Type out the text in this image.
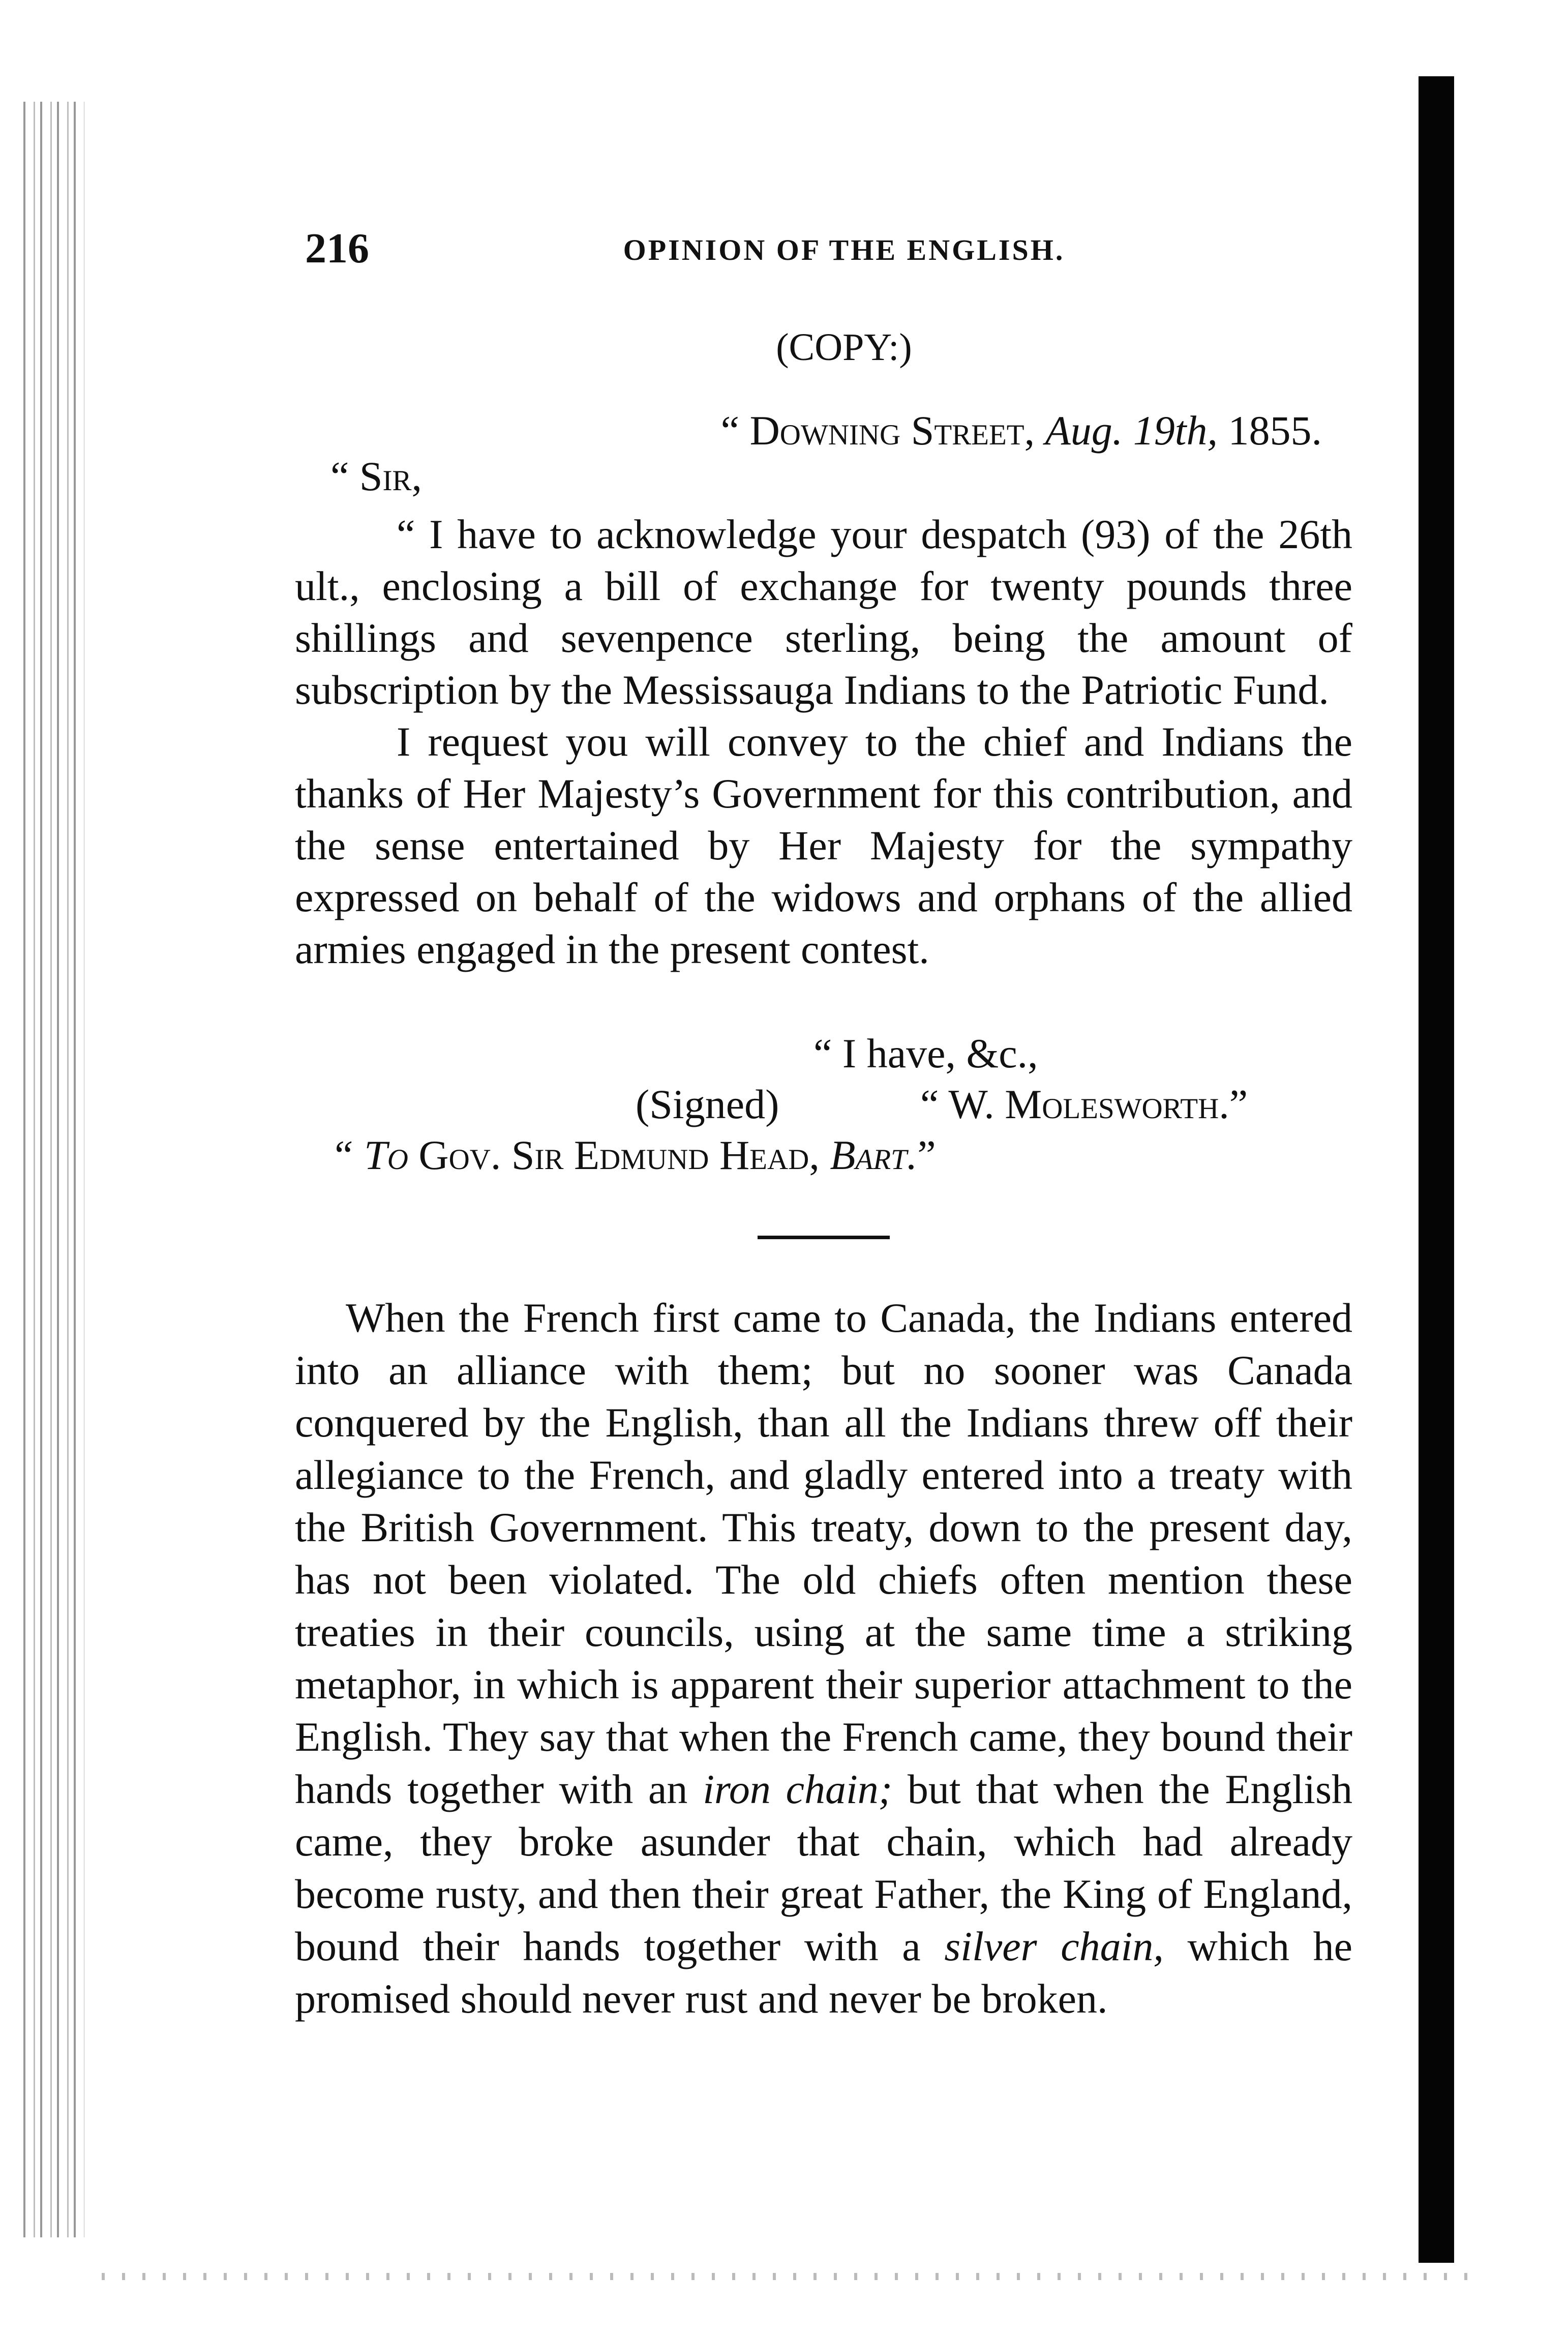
216	OPINION OF THE ENGLISH.
(COPY:)
“ Downing Street, Aug. 19th, 1855.
“ Sir,

“ I have to acknowledge your despatch (93) of the 26th ult., enclosing a bill of exchange for twenty pounds three shillings and sevenpence sterling, being the amount of subscription by the Messissauga Indians to the Patriotic Fund.

I request you will convey to the chief and Indians the thanks of Her Majesty’s Government for this contribution, and the sense entertained by Her Majesty for the sympathy expressed on behalf of the widows and orphans of the allied armies engaged in the present contest.

“ I have, &c.,
(Signed)	“ W. Molesworth.”
“ To Gov. Sir Edmund Head, Bart.”

When the French first came to Canada, the Indians entered into an alliance with them; but no sooner was Canada conquered by the English, than all the Indians threw off their allegiance to the French, and gladly entered into a treaty with the British Government. This treaty, down to the present day, has not been violated. The old chiefs often mention these treaties in their councils, using at the same time a striking metaphor, in which is apparent their superior attachment to the English. They say that when the French came, they bound their hands together with an iron chain; but that when the English came, they broke asunder that chain, which had already become rusty, and then their great Father, the King of England, bound their hands together with a silver chain, which he promised should never rust and never be broken.
